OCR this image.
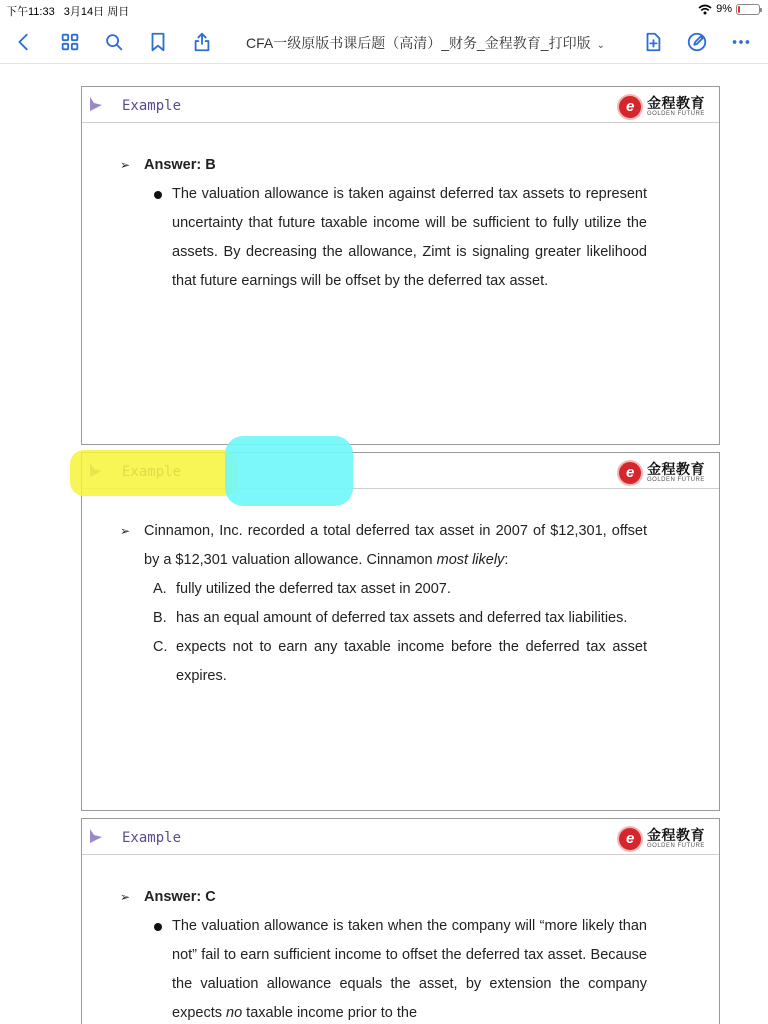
下午11:33 3月14日 周日	9%
CFA一级原版书课后题（高清）_财务_金程教育_打印版 ⌄
Example e	金程教育
GOLDEN FUTURE
➢ Answer: B
The valuation allowance is taken against deferred tax assets to represent uncertainty that future taxable income will be sufficient to fully utilize the assets. By decreasing the allowance, Zimt is signaling greater likelihood that future earnings will be offset by the deferred tax asset.
e
金程教育
GOLDEN FUTURE
➢ Cinnamon, Inc. recorded a total deferred tax asset in 2007 of $12,301, offset by a $12,301 valuation allowance. Cinnamon most likely:
A. fully utilized the deferred tax asset in 2007.
B. has an equal amount of deferred tax assets and deferred tax liabilities.
C. expects not to earn any taxable income before the deferred tax asset expires.
Example e	金程教育
GOLDEN FUTURE
➢ Answer: C
The valuation allowance is taken when the company will “more likely than not” fail to earn sufficient income to offset the deferred tax asset. Because the valuation allowance equals the asset, by extension the company expects no taxable income prior to the
